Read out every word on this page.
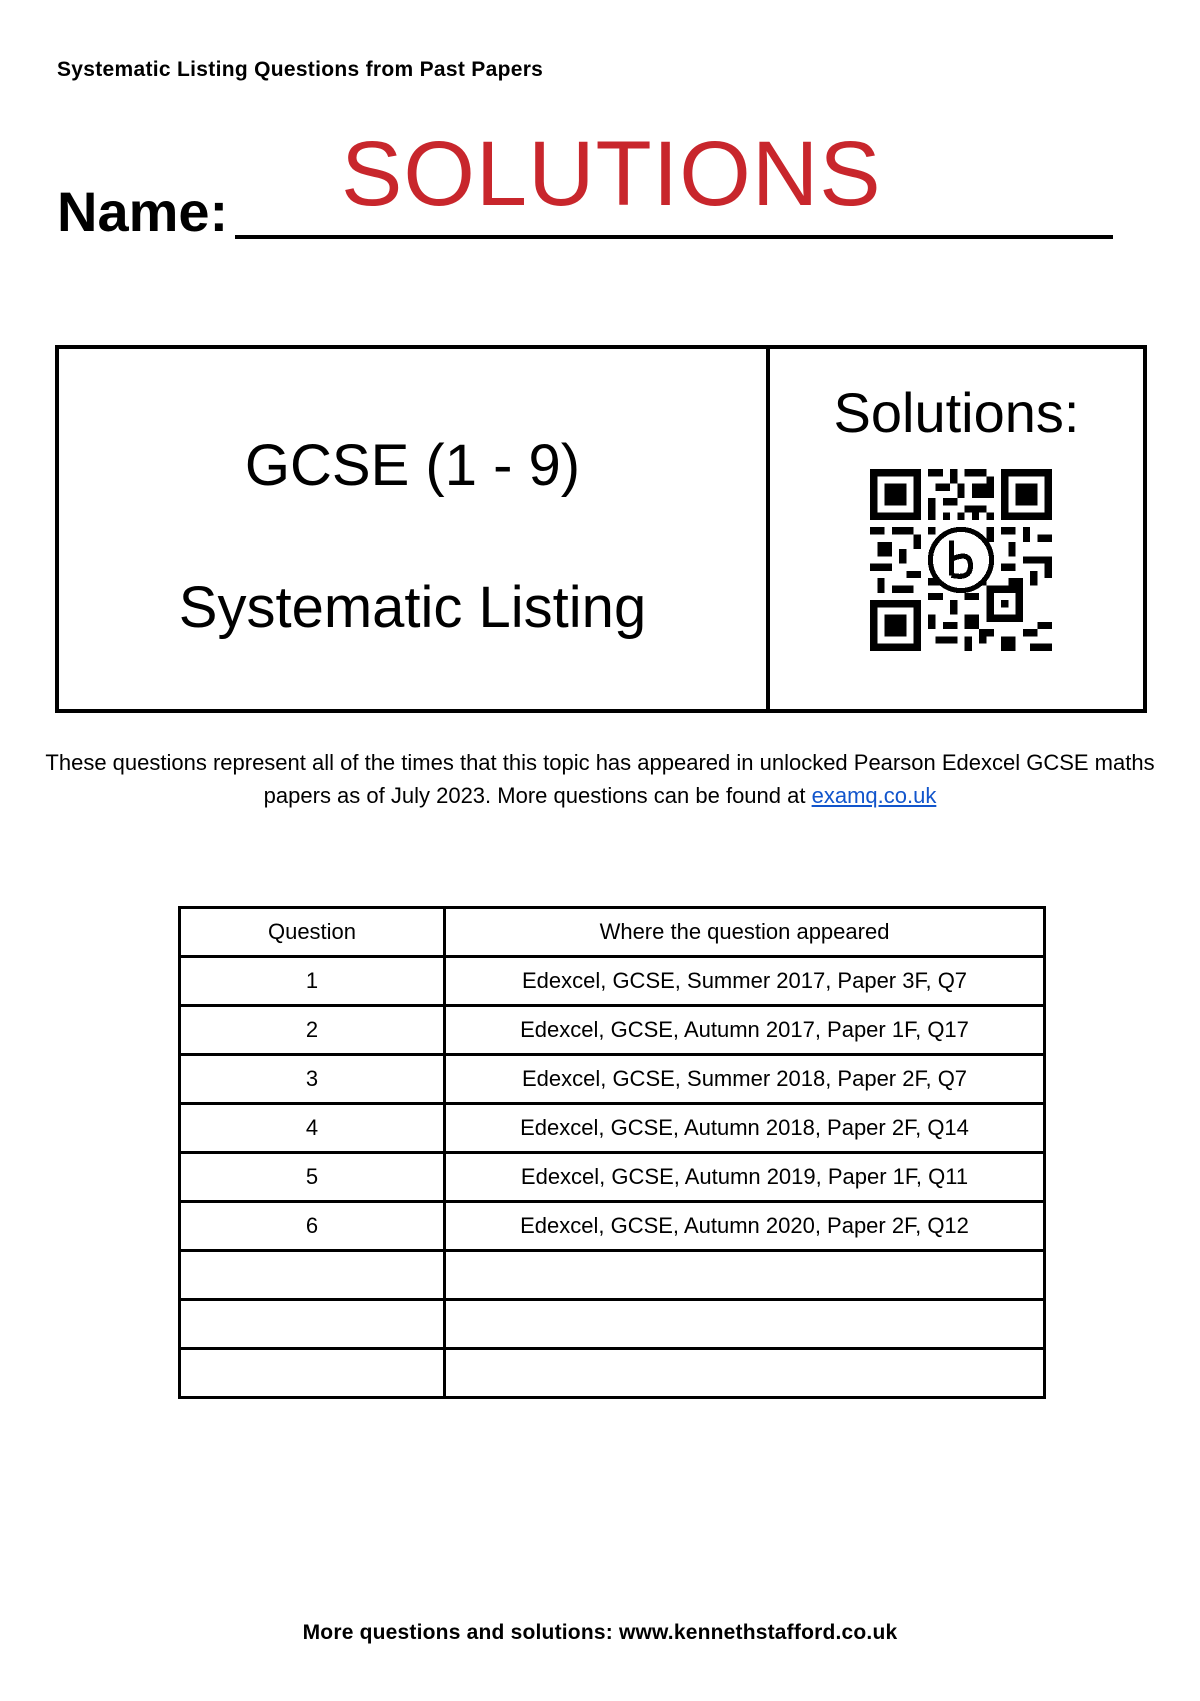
Systematic Listing Questions from Past Papers
Name: SOLUTIONS
GCSE (1 - 9)
Systematic Listing
Solutions:
These questions represent all of the times that this topic has appeared in unlocked Pearson Edexcel GCSE maths papers as of July 2023. More questions can be found at examq.co.uk
Question	Where the question appeared
1	Edexcel, GCSE, Summer 2017, Paper 3F, Q7
2	Edexcel, GCSE, Autumn 2017, Paper 1F, Q17
3	Edexcel, GCSE, Summer 2018, Paper 2F, Q7
4	Edexcel, GCSE, Autumn 2018, Paper 2F, Q14
5	Edexcel, GCSE, Autumn 2019, Paper 1F, Q11
6	Edexcel, GCSE, Autumn 2020, Paper 2F, Q12

More questions and solutions: www.kennethstafford.co.uk
